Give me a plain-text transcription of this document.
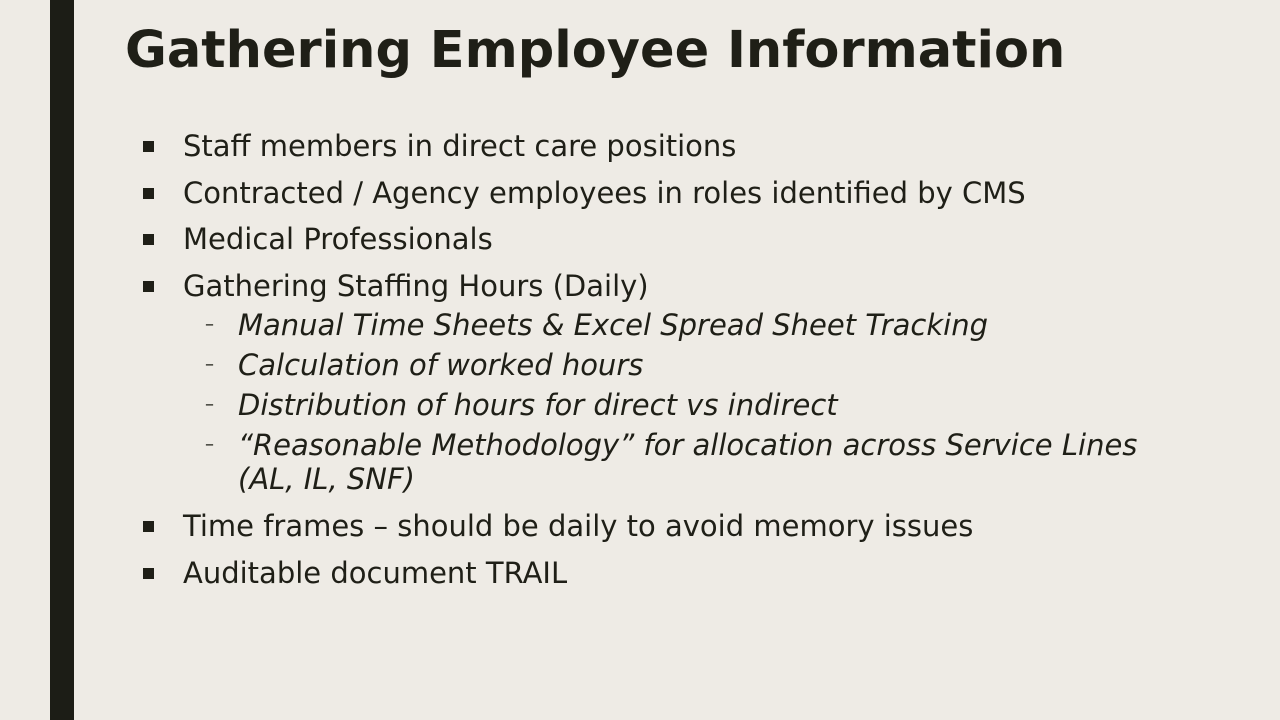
Gathering Employee Information
Staff members in direct care positions
Contracted / Agency employees in roles identified by CMS
Medical Professionals
Gathering Staffing Hours (Daily)
– Manual Time Sheets & Excel Spread Sheet Tracking
– Calculation of worked hours
– Distribution of hours for direct vs indirect
– “Reasonable Methodology” for allocation across Service Lines (AL, IL, SNF)
Time frames – should be daily to avoid memory issues
Auditable document TRAIL
